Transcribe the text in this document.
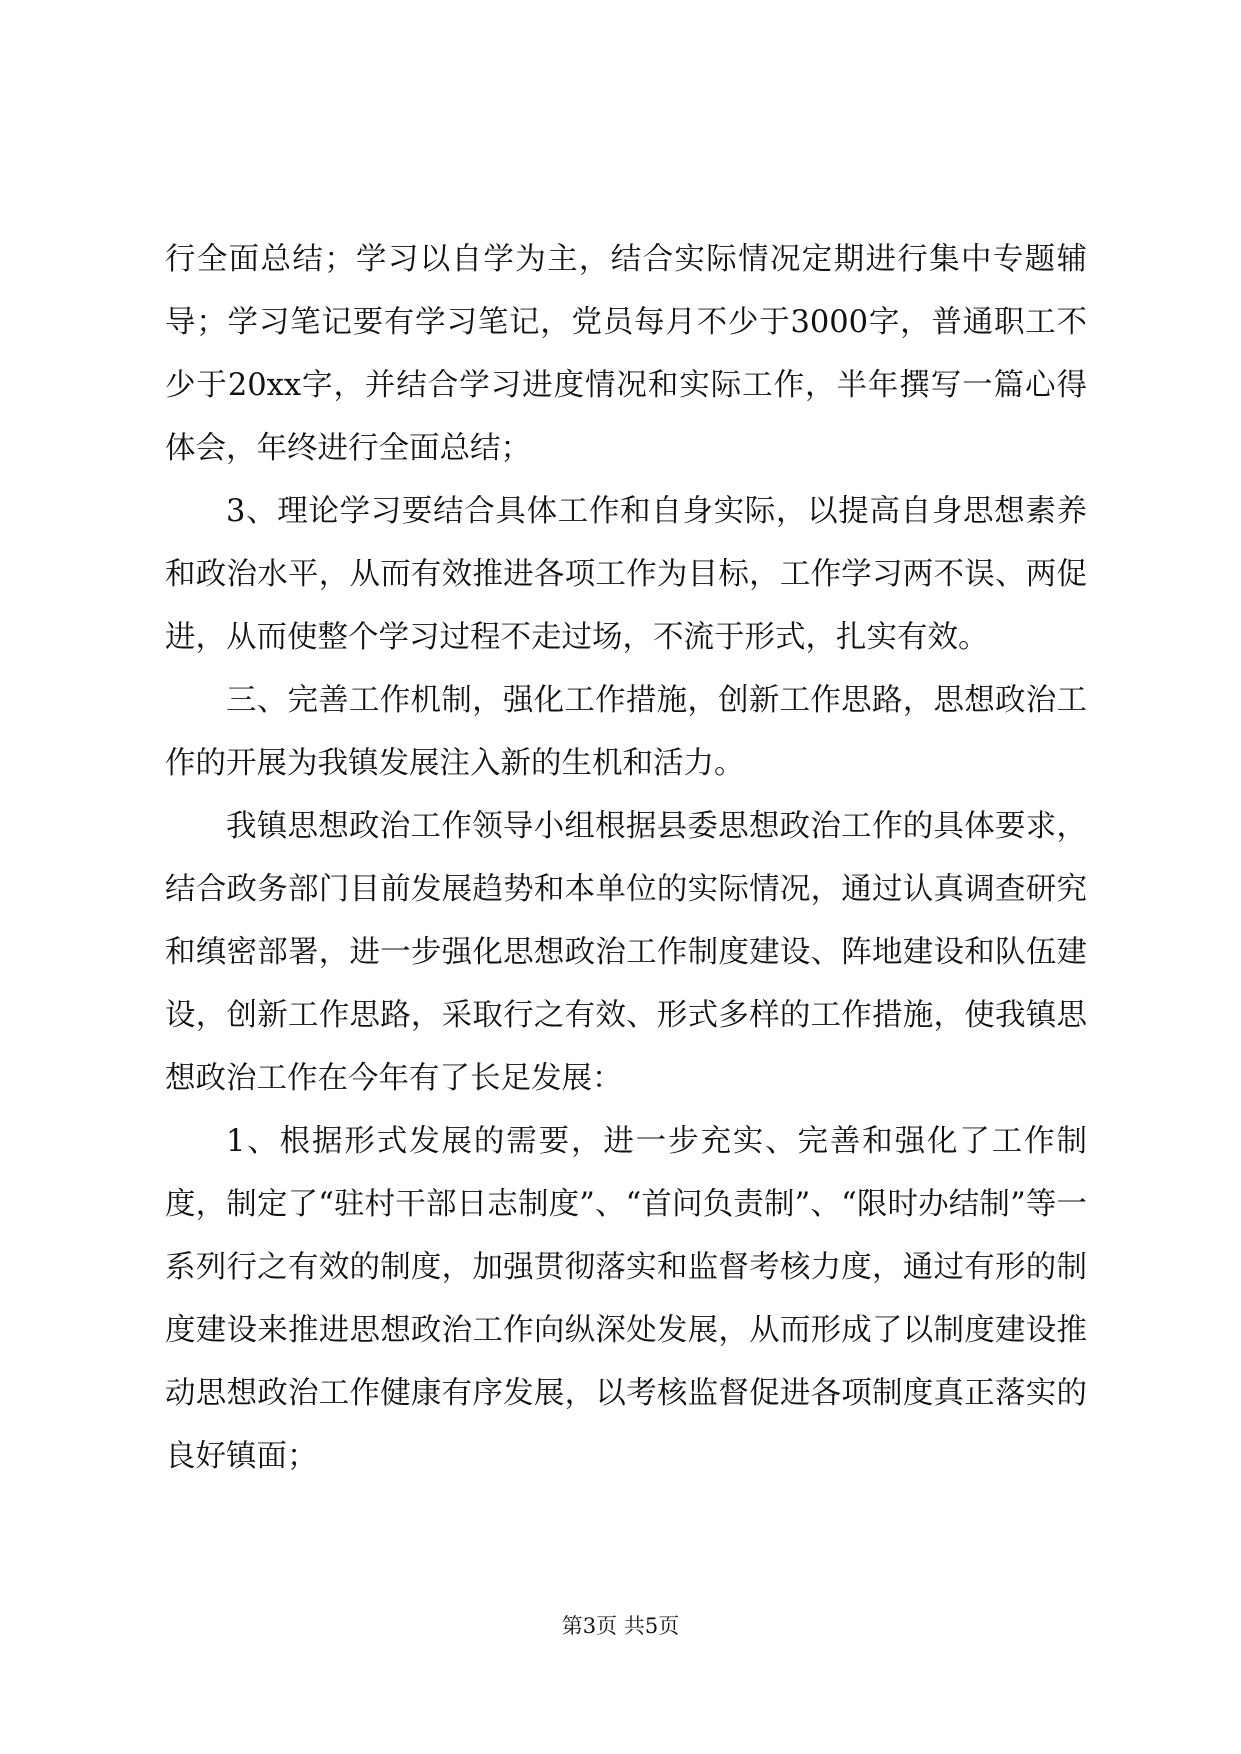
行全面总结；学习以自学为主，结合实际情况定期进行集中专题辅导；学习笔记要有学习笔记，党员每月不少于3000字，普通职工不少于20xx字，并结合学习进度情况和实际工作，半年撰写一篇心得体会，年终进行全面总结；

3、理论学习要结合具体工作和自身实际，以提高自身思想素养和政治水平，从而有效推进各项工作为目标，工作学习两不误、两促进，从而使整个学习过程不走过场，不流于形式，扎实有效。

三、完善工作机制，强化工作措施，创新工作思路，思想政治工作的开展为我镇发展注入新的生机和活力。

我镇思想政治工作领导小组根据县委思想政治工作的具体要求，结合政务部门目前发展趋势和本单位的实际情况，通过认真调查研究和缜密部署，进一步强化思想政治工作制度建设、阵地建设和队伍建设，创新工作思路，采取行之有效、形式多样的工作措施，使我镇思想政治工作在今年有了长足发展：

1、根据形式发展的需要，进一步充实、完善和强化了工作制度，制定了“驻村干部日志制度”、“首问负责制”、“限时办结制”等一系列行之有效的制度，加强贯彻落实和监督考核力度，通过有形的制度建设来推进思想政治工作向纵深处发展，从而形成了以制度建设推动思想政治工作健康有序发展，以考核监督促进各项制度真正落实的良好镇面；

第3页 共5页
